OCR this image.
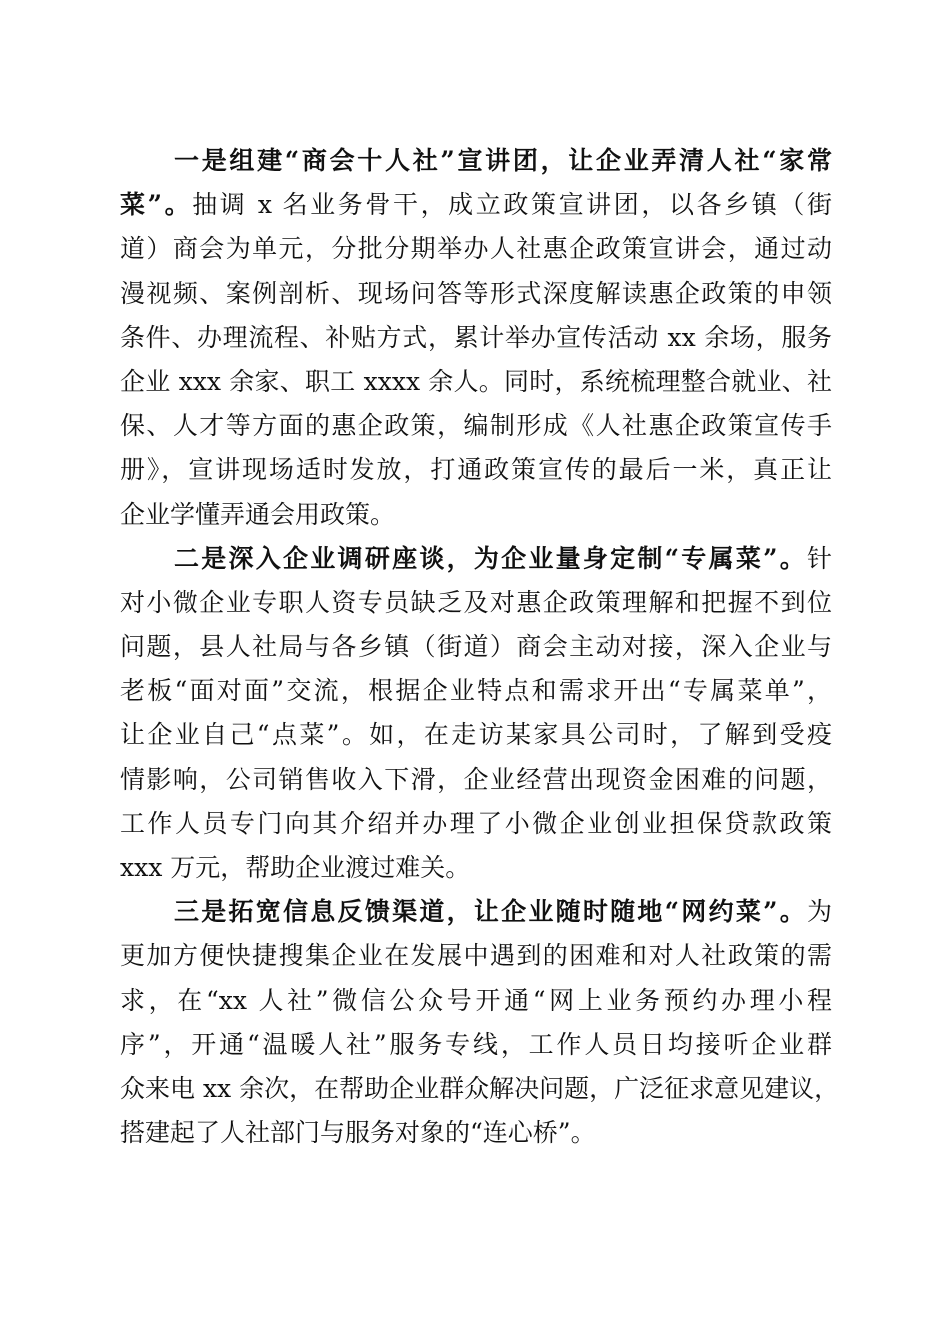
一是组建“商会十人社”宣讲团，让企业弄清人社“家常
菜”。抽调 x 名业务骨干，成立政策宣讲团，以各乡镇（街
道）商会为单元，分批分期举办人社惠企政策宣讲会，通过动
漫视频、案例剖析、现场问答等形式深度解读惠企政策的申领
条件、办理流程、补贴方式，累计举办宣传活动 xx 余场，服务
企业 xxx 余家、职工 xxxx 余人。同时，系统梳理整合就业、社
保、人才等方面的惠企政策，编制形成《人社惠企政策宣传手
册》，宣讲现场适时发放，打通政策宣传的最后一米，真正让
企业学懂弄通会用政策。
二是深入企业调研座谈，为企业量身定制“专属菜”。针
对小微企业专职人资专员缺乏及对惠企政策理解和把握不到位
问题，县人社局与各乡镇（街道）商会主动对接，深入企业与
老板“面对面”交流，根据企业特点和需求开出“专属菜单”，
让企业自己“点菜”。如，在走访某家具公司时，了解到受疫
情影响，公司销售收入下滑，企业经营出现资金困难的问题，
工作人员专门向其介绍并办理了小微企业创业担保贷款政策
xxx 万元，帮助企业渡过难关。
三是拓宽信息反馈渠道，让企业随时随地“网约菜”。为
更加方便快捷搜集企业在发展中遇到的困难和对人社政策的需
求，在“xx 人社”微信公众号开通“网上业务预约办理小程
序”，开通“温暖人社”服务专线，工作人员日均接听企业群
众来电 xx 余次，在帮助企业群众解决问题，广泛征求意见建议，
搭建起了人社部门与服务对象的“连心桥”。
